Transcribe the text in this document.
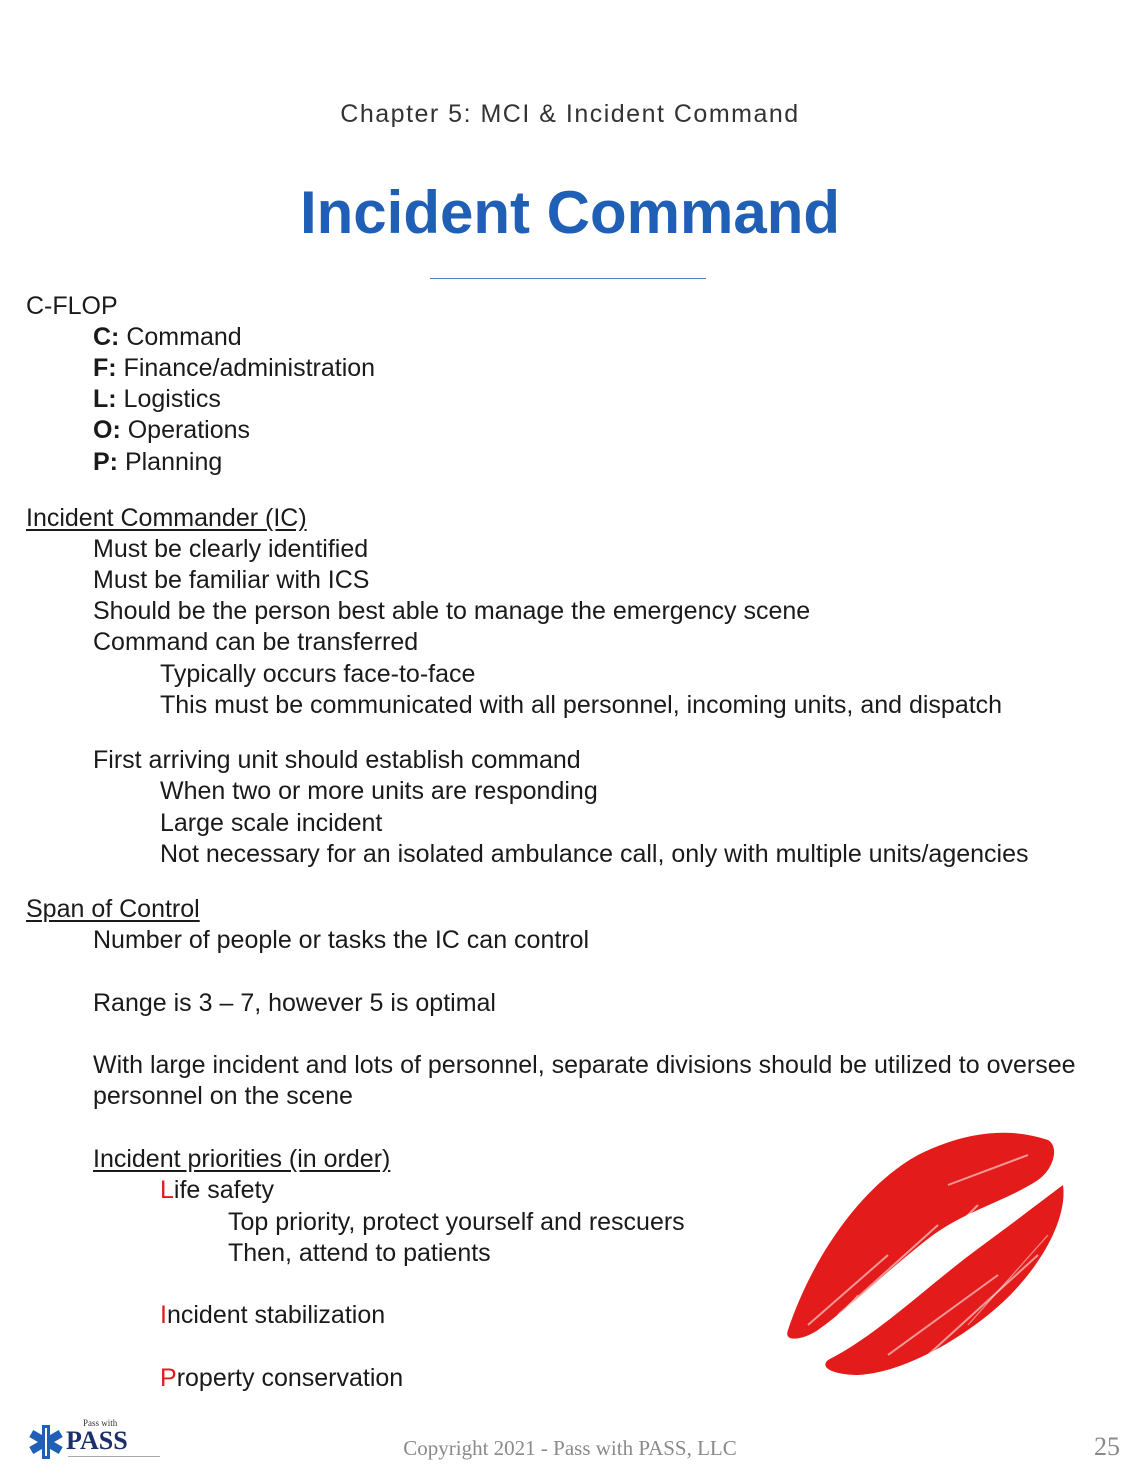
Chapter 5: MCI & Incident Command
Incident Command
C-FLOP
C: Command
F: Finance/administration
L: Logistics
O: Operations
P: Planning
Incident Commander (IC)
Must be clearly identified
Must be familiar with ICS
Should be the person best able to manage the emergency scene
Command can be transferred
Typically occurs face-to-face
This must be communicated with all personnel, incoming units, and dispatch
First arriving unit should establish command
When two or more units are responding
Large scale incident
Not necessary for an isolated ambulance call, only with multiple units/agencies
Span of Control
Number of people or tasks the IC can control
Range is 3 – 7, however 5 is optimal
With large incident and lots of personnel, separate divisions should be utilized to oversee
personnel on the scene
Incident priorities (in order)
Life safety
Top priority, protect yourself and rescuers
Then, attend to patients
Incident stabilization
Property conservation
Pass with
PASS	Copyright 2021 - Pass with PASS, LLC	25
